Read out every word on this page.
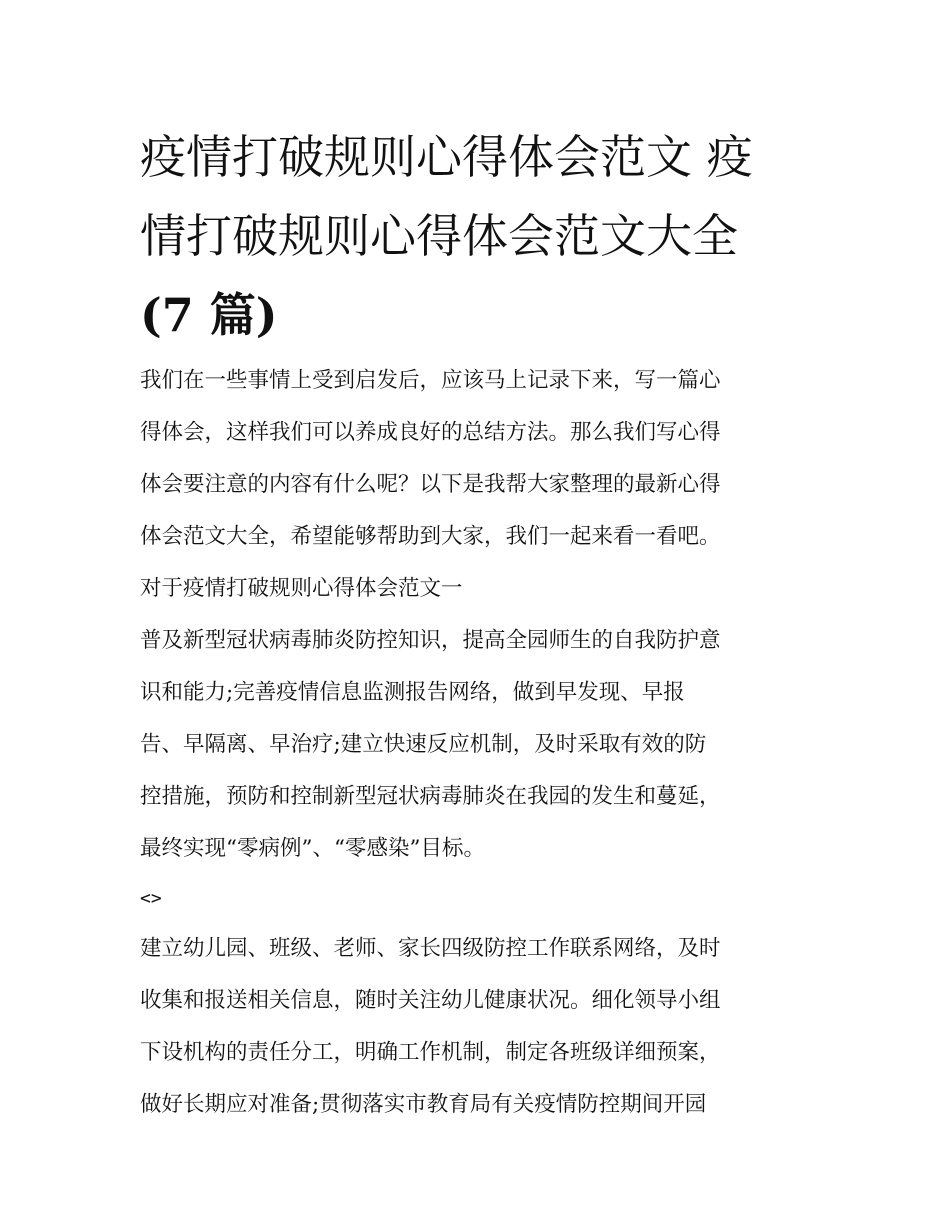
疫情打破规则心得体会范文 疫
情打破规则心得体会范文大全
(7 篇)

我们在一些事情上受到启发后，应该马上记录下来，写一篇心

得体会，这样我们可以养成良好的总结方法。那么我们写心得

体会要注意的内容有什么呢？以下是我帮大家整理的最新心得

体会范文大全，希望能够帮助到大家，我们一起来看一看吧。

对于疫情打破规则心得体会范文一

普及新型冠状病毒肺炎防控知识，提高全园师生的自我防护意

识和能力;完善疫情信息监测报告网络，做到早发现、早报

告、早隔离、早治疗;建立快速反应机制，及时采取有效的防

控措施，预防和控制新型冠状病毒肺炎在我园的发生和蔓延，

最终实现“零病例”、“零感染”目标。

<>

建立幼儿园、班级、老师、家长四级防控工作联系网络，及时

收集和报送相关信息，随时关注幼儿健康状况。细化领导小组

下设机构的责任分工，明确工作机制，制定各班级详细预案，

做好长期应对准备;贯彻落实市教育局有关疫情防控期间开园
